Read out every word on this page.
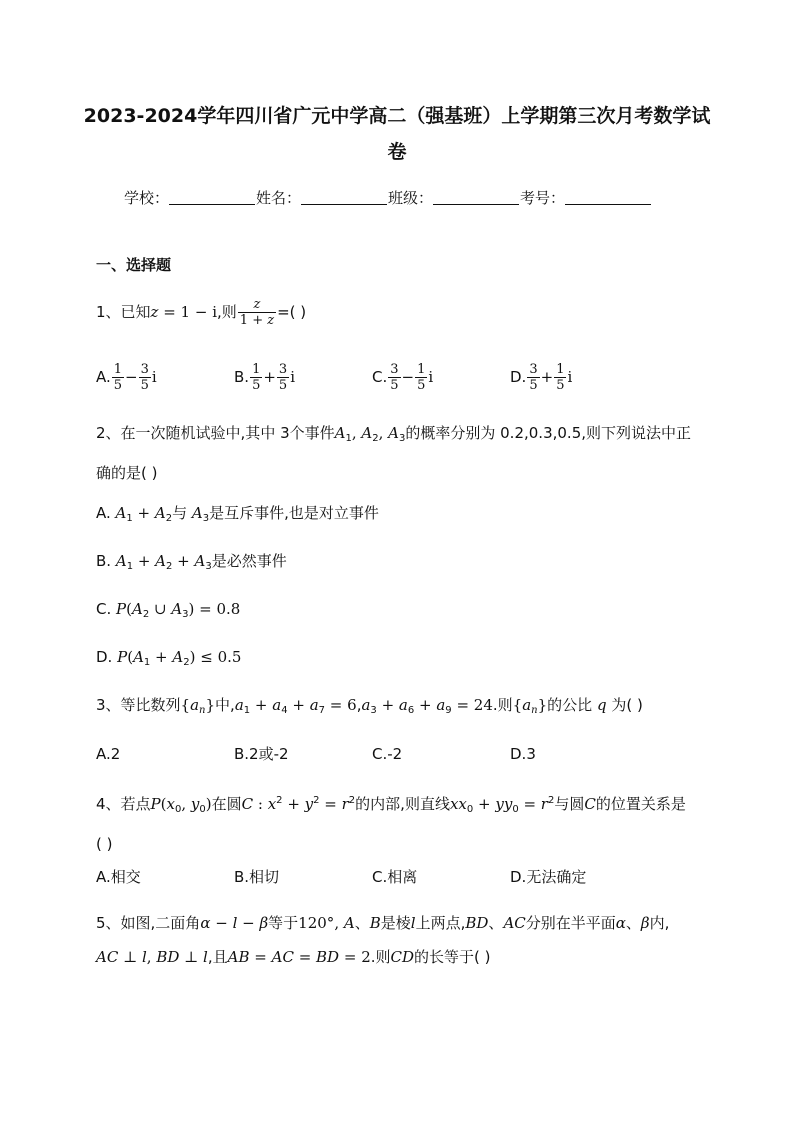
2023-2024学年四川省广元中学高二（强基班）上学期第三次月考数学试卷
学校：	姓名：	班级：	考号：
一、选择题

1、已知z = 1 − i,则 $\frac{z}{1 + z}$ =( )

A. $\frac{1}{5} - \frac{3}{5}$ i	B. $\frac{1}{5} + \frac{3}{5}$ i	C. $\frac{3}{5} - \frac{1}{5}$ i	D. $\frac{3}{5} + \frac{1}{5}$ i

2、在一次随机试验中,其中 3个事件$A_1$, $A_2$, $A_3$的概率分别为 0.2,0.3,0.5,则下列说法中正
确的是( )

A. $A_1 + A_2$与 $A_3$是互斥事件,也是对立事件
B. $A_1 + A_2 + A_3$是必然事件
C. $P(A_2$ ∪ $A_3) = 0.8$
D. $P(A_1 + A_2) \le 0.5$

3、等比数列$\{a_n\}$中$,a_1 + a_4 + a_7 = 6,a_3 + a_6 + a_9 = 24$.则$\{a_n\}$的公比 q 为( )

A.2	B.2或-2	C.-2	D.3

4、若点$P(x_0$, $y_0$)在圆C : $x^2 + y^2 = r^2$的内部,则直线$xx_0 + yy_0 = r^2$与圆C的位置关系是
( )

A.相交	B.相切	C.相离	D.无法确定

5、如图,二面角α − l − β等于120°, A、B是棱l上两点,BD、AC分别在半平面α、β内,
AC ⊥ l, BD ⊥ l,且AB = AC = BD = 2.则CD的长等于( )
